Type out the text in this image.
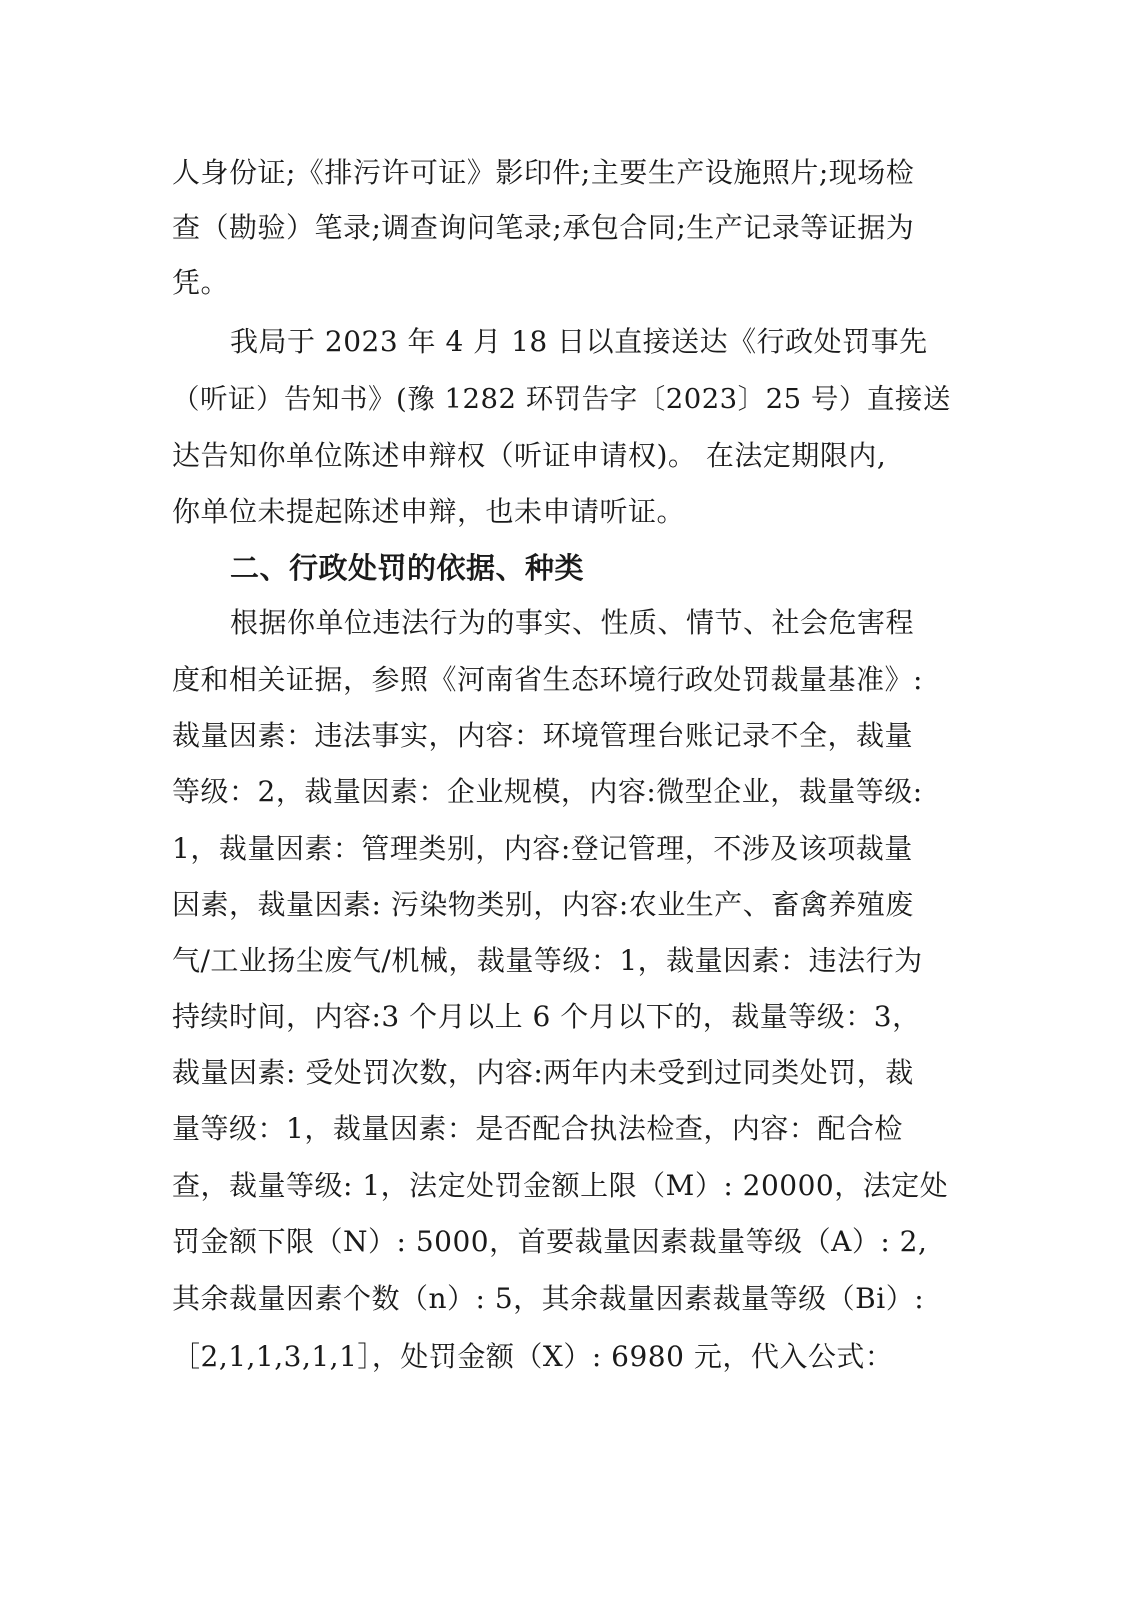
人身份证;《排污许可证》影印件;主要生产设施照片;现场检
查（勘验）笔录;调查询问笔录;承包合同;生产记录等证据为
凭。
我局于 2023 年 4 月 18 日以直接送达《行政处罚事先
（听证）告知书》(豫 1282 环罚告字〔2023〕25 号）直接送
达告知你单位陈述申辩权（听证申请权)。 在法定期限内,
你单位未提起陈述申辩，也未申请听证。
二、行政处罚的依据、种类
根据你单位违法行为的事实、性质、情节、社会危害程
度和相关证据，参照《河南省生态环境行政处罚裁量基准》:
裁量因素：违法事实，内容：环境管理台账记录不全，裁量
等级：2，裁量因素：企业规模，内容:微型企业，裁量等级:
1，裁量因素：管理类别，内容:登记管理，不涉及该项裁量
因素，裁量因素: 污染物类别，内容:农业生产、畜禽养殖废
气/工业扬尘废气/机械，裁量等级：1，裁量因素：违法行为
持续时间，内容:3 个月以上 6 个月以下的，裁量等级：3，
裁量因素: 受处罚次数，内容:两年内未受到过同类处罚，裁
量等级：1，裁量因素：是否配合执法检查，内容：配合检
查，裁量等级: 1，法定处罚金额上限（M）: 20000，法定处
罚金额下限（N）: 5000，首要裁量因素裁量等级（A）: 2,
其余裁量因素个数（n）: 5，其余裁量因素裁量等级（Bi）:
［2,1,1,3,1,1］，处罚金额（X）: 6980 元，代入公式：
